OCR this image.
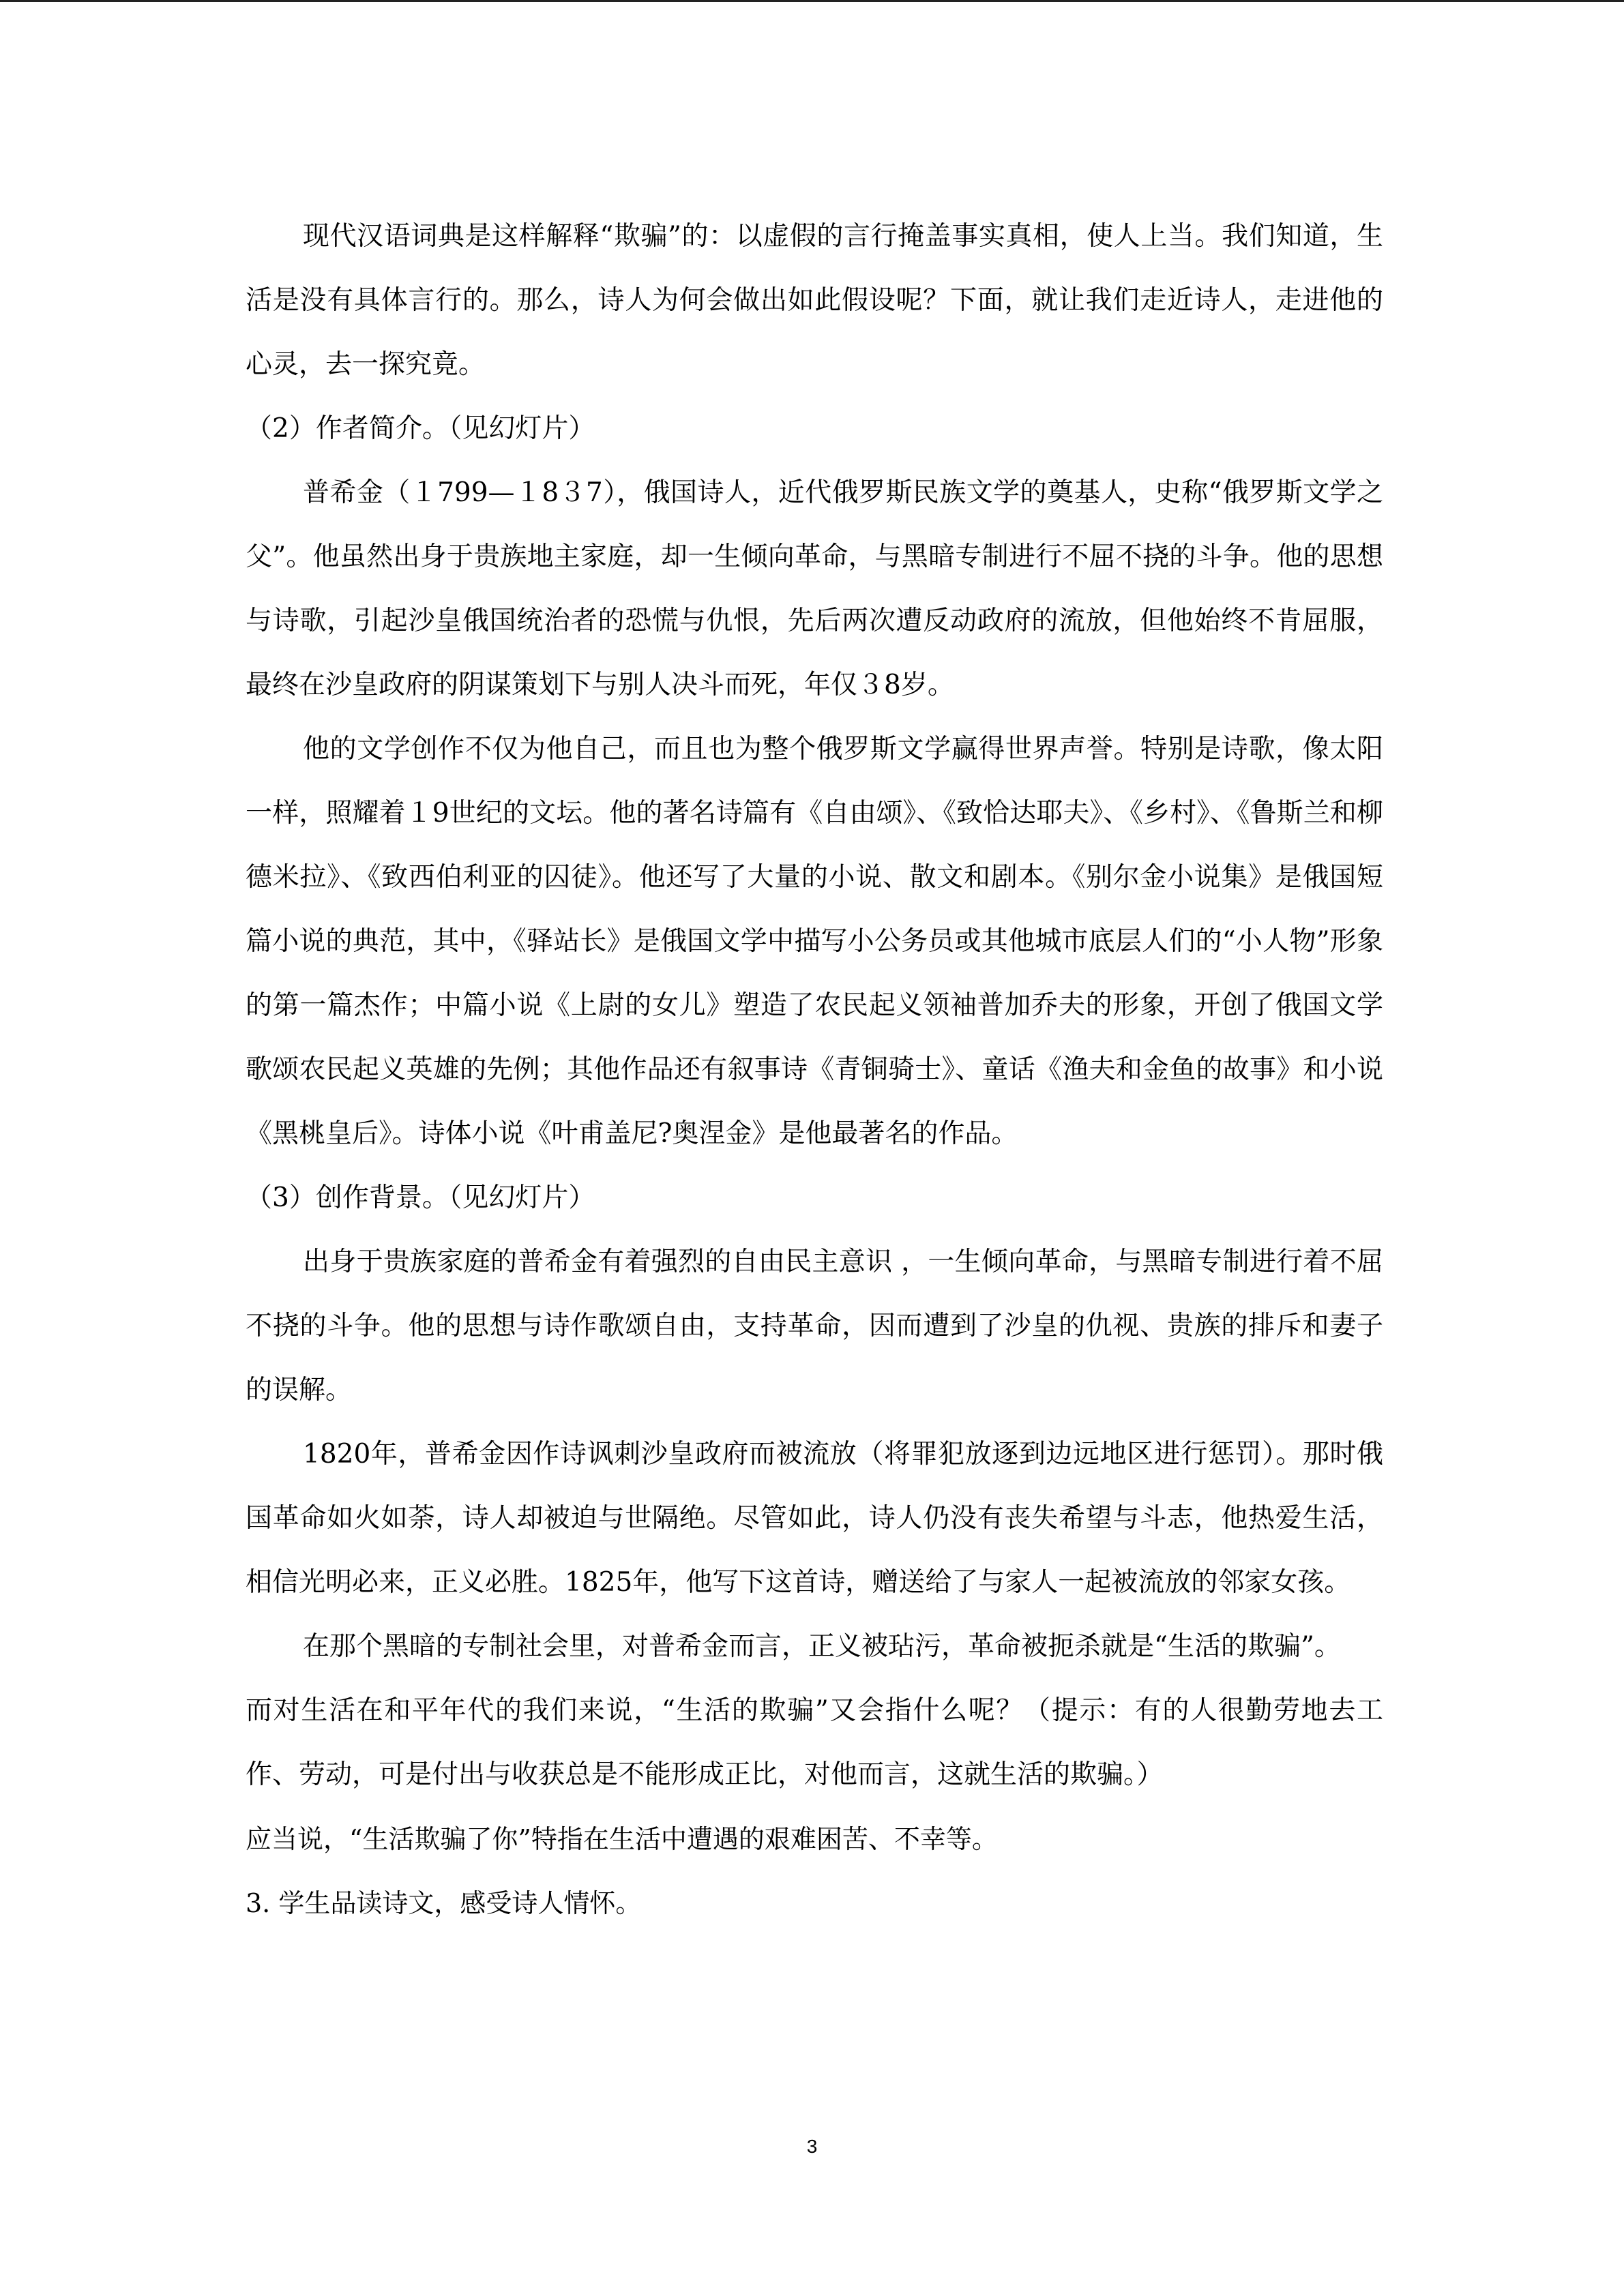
现代汉语词典是这样解释“欺骗”的：以虚假的言行掩盖事实真相，使人上当。我们知道，生活是没有具体言行的。那么，诗人为何会做出如此假设呢？下面，就让我们走近诗人，走进他的心灵，去一探究竟。

（2）作者简介。（见幻灯片）

普希金（１799—１8３7），俄国诗人，近代俄罗斯民族文学的奠基人，史称“俄罗斯文学之父”。他虽然出身于贵族地主家庭，却一生倾向革命，与黑暗专制进行不屈不挠的斗争。他的思想与诗歌，引起沙皇俄国统治者的恐慌与仇恨，先后两次遭反动政府的流放，但他始终不肯屈服，最终在沙皇政府的阴谋策划下与别人决斗而死，年仅３8岁。

他的文学创作不仅为他自己，而且也为整个俄罗斯文学赢得世界声誉。特别是诗歌，像太阳一样，照耀着１9世纪的文坛。他的著名诗篇有《自由颂》、《致恰达耶夫》、《乡村》、《鲁斯兰和柳德米拉》、《致西伯利亚的囚徒》。他还写了大量的小说、散文和剧本。《别尔金小说集》是俄国短篇小说的典范，其中，《驿站长》是俄国文学中描写小公务员或其他城市底层人们的“小人物”形象的第一篇杰作；中篇小说《上尉的女儿》塑造了农民起义领袖普加乔夫的形象，开创了俄国文学歌颂农民起义英雄的先例；其他作品还有叙事诗《青铜骑士》、童话《渔夫和金鱼的故事》和小说《黑桃皇后》。诗体小说《叶甫盖尼?奥涅金》是他最著名的作品。

（3）创作背景。（见幻灯片）

出身于贵族家庭的普希金有着强烈的自由民主意识 ，一生倾向革命，与黑暗专制进行着不屈不挠的斗争。他的思想与诗作歌颂自由，支持革命，因而遭到了沙皇的仇视、贵族的排斥和妻子的误解。

1820年，普希金因作诗讽刺沙皇政府而被流放（将罪犯放逐到边远地区进行惩罚）。那时俄国革命如火如荼，诗人却被迫与世隔绝。尽管如此，诗人仍没有丧失希望与斗志，他热爱生活，相信光明必来，正义必胜。1825年，他写下这首诗，赠送给了与家人一起被流放的邻家女孩。

在那个黑暗的专制社会里，对普希金而言，正义被玷污，革命被扼杀就是“生活的欺骗”。

而对生活在和平年代的我们来说，“生活的欺骗”又会指什么呢？（提示：有的人很勤劳地去工作、劳动，可是付出与收获总是不能形成正比，对他而言，这就生活的欺骗。）

应当说，“生活欺骗了你”特指在生活中遭遇的艰难困苦、不幸等。

3. 学生品读诗文，感受诗人情怀。

3
